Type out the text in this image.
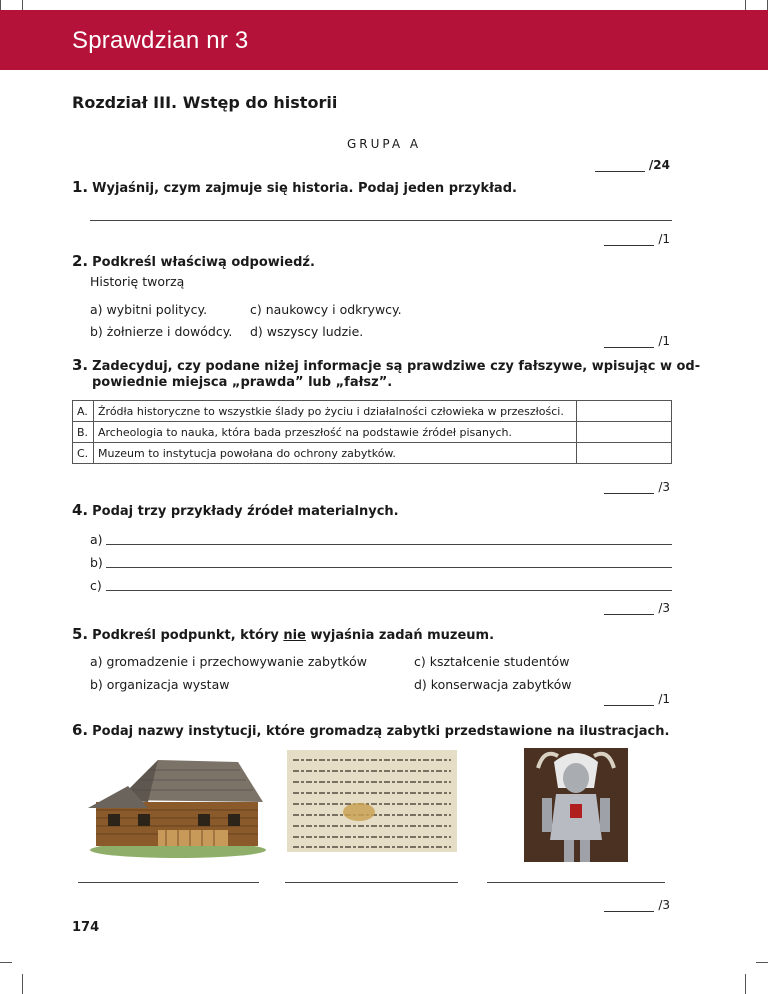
Sprawdzian nr 3
Rozdział III. Wstęp do historii
GRUPA A
/24
1. Wyjaśnij, czym zajmuje się historia. Podaj jeden przykład.
/1
2. Podkreśl właściwą odpowiedź.
Historię tworzą
a) wybitni politycy.
b) żołnierze i dowódcy.
c) naukowcy i odkrywcy.
d) wszyscy ludzie.
/1
3. Zadecyduj, czy podane niżej informacje są prawdziwe czy fałszywe, wpisując w od-
powiednie miejsca „prawda” lub „fałsz”.
A.	Źródła historyczne to wszystkie ślady po życiu i działalności człowieka w przeszłości.	
B.	Archeologia to nauka, która bada przeszłość na podstawie źródeł pisanych.	
C.	Muzeum to instytucja powołana do ochrony zabytków.	
/3
4. Podaj trzy przykłady źródeł materialnych.
a)
b)
c)
/3
5. Podkreśl podpunkt, który nie wyjaśnia zadań muzeum.
a) gromadzenie i przechowywanie zabytków
b) organizacja wystaw
c) kształcenie studentów
d) konserwacja zabytków
/1
6. Podaj nazwy instytucji, które gromadzą zabytki przedstawione na ilustracjach.
/3
174
